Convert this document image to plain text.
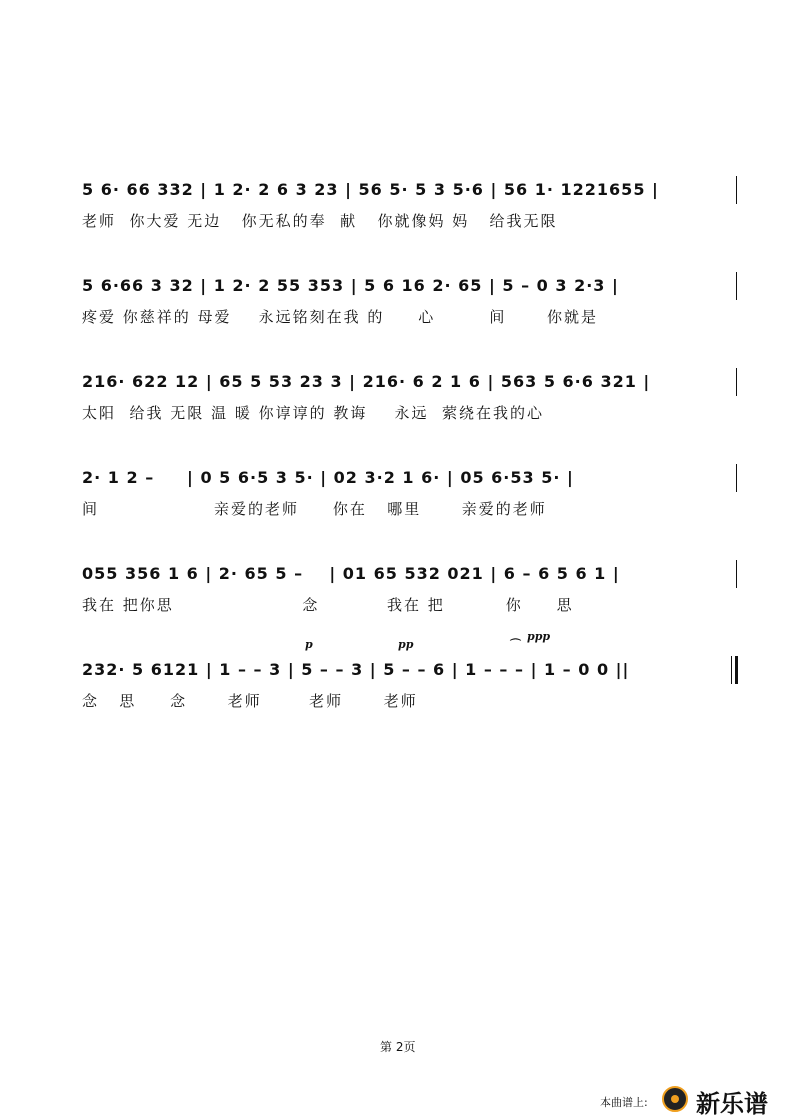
5 6· 66 332 | 1 2· 2 6 3 23 | 56 5· 5 3 5·6 | 56 1· 1221655 |
老师  你大爱 无边   你无私的奉  献   你就像妈 妈   给我无限
5 6·66 3 32 | 1 2· 2 55 353 | 5 6 16 2· 65 | 5 – 0 3 2·3 |
疼爱 你慈祥的 母爱    永远铭刻在我 的     心        间      你就是
216· 622 12 | 65 5 53 23 3 | 216· 6 2 1 6 | 563 5 6·6 321 |
太阳  给我 无限 温 暖 你谆谆的 教诲    永远  萦绕在我的心
2· 1 2 –     | 0 5 6·5 3 5· | 02 3·2 1 6· | 05 6·53 5· |
间                 亲爱的老师     你在   哪里      亲爱的老师
055 356 1 6 | 2· 65 5 –    | 01 65 532 021 | 6 – 6 5 6 1 |
我在 把你思                   念          我在 把         你     思
p	pp
ppp
⌒
232· 5 6121 | 1 – – 3 | 5 – – 3 | 5 – – 6 | 1 – – – | 1 – 0 0 ||
念   思     念      老师       老师      老师
第 2页
本曲谱上: 新乐谱
